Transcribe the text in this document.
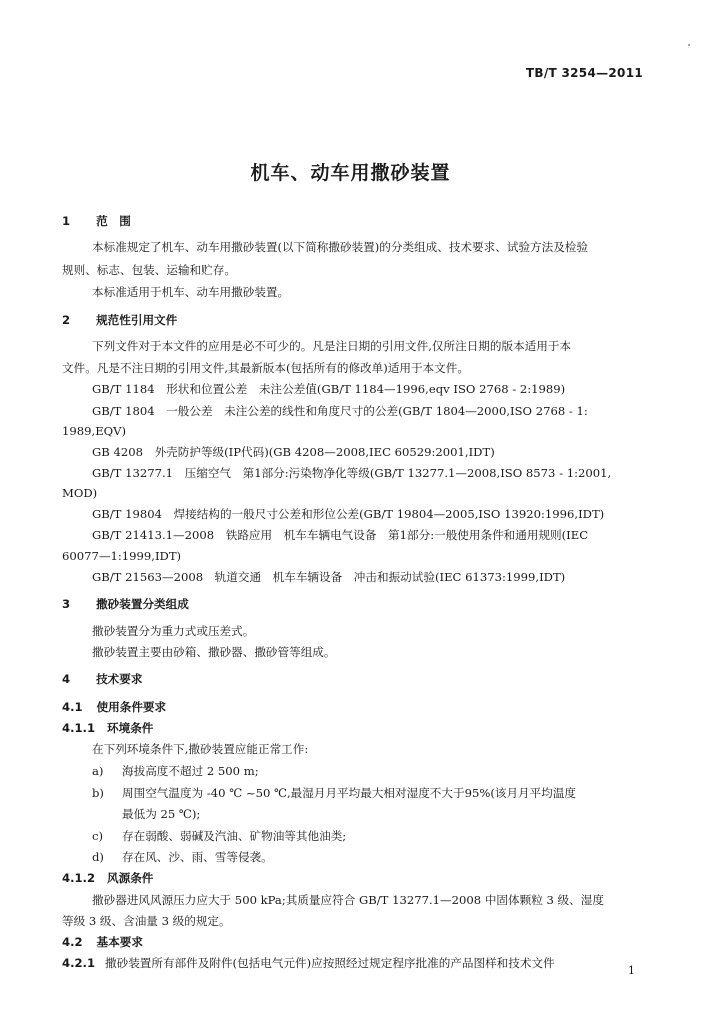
TB/T 3254—2011
机车、动车用撒砂装置
1 范　围
本标准规定了机车、动车用撒砂装置(以下简称撒砂装置)的分类组成、技术要求、试验方法及检验
规则、标志、包装、运输和贮存。
本标准适用于机车、动车用撒砂装置。
2 规范性引用文件
下列文件对于本文件的应用是必不可少的。凡是注日期的引用文件,仅所注日期的版本适用于本
文件。凡是不注日期的引用文件,其最新版本(包括所有的修改单)适用于本文件。
GB/T 1184　形状和位置公差　未注公差值(GB/T 1184—1996,eqv ISO 2768 - 2:1989)
GB/T 1804　一般公差　未注公差的线性和角度尺寸的公差(GB/T 1804—2000,ISO 2768 - 1:
1989,EQV)
GB 4208　外壳防护等级(IP代码)(GB 4208—2008,IEC 60529:2001,IDT)
GB/T 13277.1　压缩空气　第1部分:污染物净化等级(GB/T 13277.1—2008,ISO 8573 - 1:2001,
MOD)
GB/T 19804　焊接结构的一般尺寸公差和形位公差(GB/T 19804—2005,ISO 13920:1996,IDT)
GB/T 21413.1—2008　铁路应用　机车车辆电气设备　第1部分:一般使用条件和通用规则(IEC
60077—1:1999,IDT)
GB/T 21563—2008　轨道交通　机车车辆设备　冲击和振动试验(IEC 61373:1999,IDT)
3 撒砂装置分类组成
撒砂装置分为重力式或压差式。
撒砂装置主要由砂箱、撒砂器、撒砂管等组成。
4 技术要求
4.1 使用条件要求
4.1.1 环境条件
在下列环境条件下,撒砂装置应能正常工作:
a) 海拔高度不超过 2 500 m;
b) 周围空气温度为 -40 ℃ ~50 ℃,最湿月月平均最大相对湿度不大于95%(该月月平均温度
最低为 25 ℃);
c) 存在弱酸、弱碱及汽油、矿物油等其他油类;
d) 存在风、沙、雨、雪等侵袭。
4.1.2 风源条件
撒砂器进风风源压力应大于 500 kPa;其质量应符合 GB/T 13277.1—2008 中固体颗粒 3 级、湿度
等级 3 级、含油量 3 级的规定。
4.2 基本要求
4.2.1 撒砂装置所有部件及附件(包括电气元件)应按照经过规定程序批准的产品图样和技术文件
1
